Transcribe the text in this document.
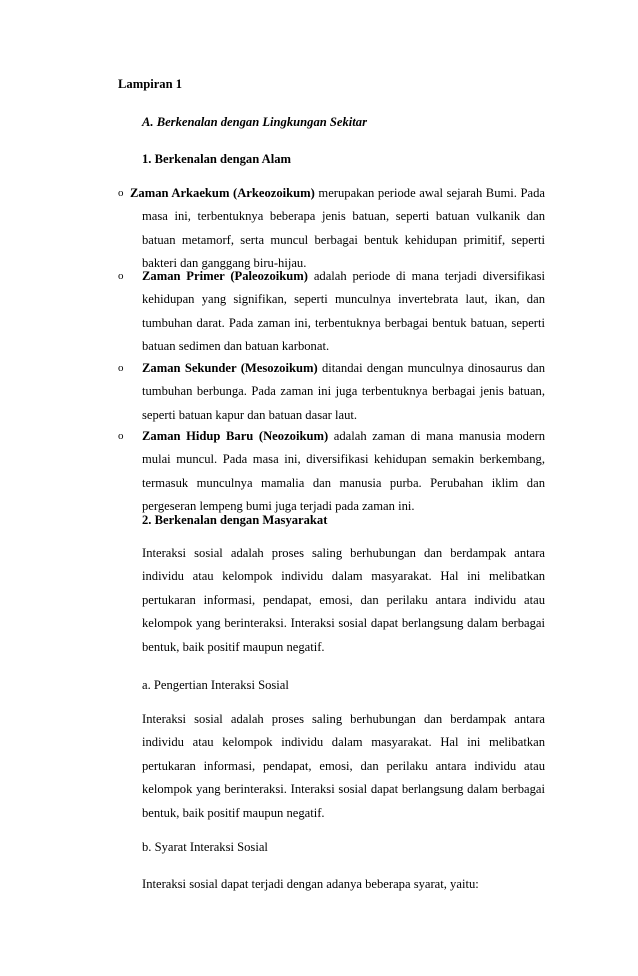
Lampiran 1
A. Berkenalan dengan Lingkungan Sekitar
1. Berkenalan dengan Alam
o Zaman Arkaekum (Arkeozoikum) merupakan periode awal sejarah Bumi. Pada masa ini, terbentuknya beberapa jenis batuan, seperti batuan vulkanik dan batuan metamorf, serta muncul berbagai bentuk kehidupan primitif, seperti bakteri dan ganggang biru-hijau.
o Zaman Primer (Paleozoikum) adalah periode di mana terjadi diversifikasi kehidupan yang signifikan, seperti munculnya invertebrata laut, ikan, dan tumbuhan darat. Pada zaman ini, terbentuknya berbagai bentuk batuan, seperti batuan sedimen dan batuan karbonat.
o Zaman Sekunder (Mesozoikum) ditandai dengan munculnya dinosaurus dan tumbuhan berbunga. Pada zaman ini juga terbentuknya berbagai jenis batuan, seperti batuan kapur dan batuan dasar laut.
o Zaman Hidup Baru (Neozoikum) adalah zaman di mana manusia modern mulai muncul. Pada masa ini, diversifikasi kehidupan semakin berkembang, termasuk munculnya mamalia dan manusia purba. Perubahan iklim dan pergeseran lempeng bumi juga terjadi pada zaman ini.
2. Berkenalan dengan Masyarakat

Interaksi sosial adalah proses saling berhubungan dan berdampak antara individu atau kelompok individu dalam masyarakat. Hal ini melibatkan pertukaran informasi, pendapat, emosi, dan perilaku antara individu atau kelompok yang berinteraksi. Interaksi sosial dapat berlangsung dalam berbagai bentuk, baik positif maupun negatif.

a. Pengertian Interaksi Sosial

Interaksi sosial adalah proses saling berhubungan dan berdampak antara individu atau kelompok individu dalam masyarakat. Hal ini melibatkan pertukaran informasi, pendapat, emosi, dan perilaku antara individu atau kelompok yang berinteraksi. Interaksi sosial dapat berlangsung dalam berbagai bentuk, baik positif maupun negatif.

b. Syarat Interaksi Sosial

Interaksi sosial dapat terjadi dengan adanya beberapa syarat, yaitu:
